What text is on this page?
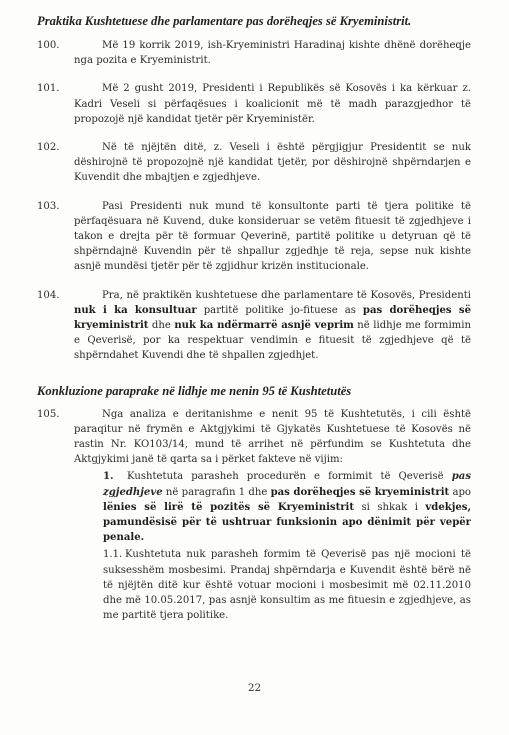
Praktika Kushtetuese dhe parlamentare pas dorëheqjes së Kryeministrit.
100.	Më 19 korrik 2019, ish-Kryeministri Haradinaj kishte dhënë dorëheqje nga pozita e Kryeministrit.
101.	Më 2 gusht 2019, Presidenti i Republikës së Kosovës i ka kërkuar z. Kadri Veseli si përfaqësues i koalicionit më të madh parazgjedhor të propozojë një kandidat tjetër për Kryeministër.
102.	Në të njëjtën ditë, z. Veseli i është përgjigjur Presidentit se nuk dëshirojnë të propozojnë një kandidat tjetër, por dëshirojnë shpërndarjen e Kuvendit dhe mbajtjen e zgjedhjeve.
103.	Pasi Presidenti nuk mund të konsultonte parti të tjera politike të përfaqësuara në Kuvend, duke konsideruar se vetëm fituesit të zgjedhjeve i takon e drejta për të formuar Qeverinë, partitë politike u detyruan që të shpërndajnë Kuvendin për të shpallur zgjedhje të reja, sepse nuk kishte asnjë mundësi tjetër për të zgjidhur krizën institucionale.
104.	Pra, në praktikën kushtetuese dhe parlamentare të Kosovës, Presidenti nuk i ka konsultuar partitë politike jo-fituese as pas dorëheqjes së kryeministrit dhe nuk ka ndërmarrë asnjë veprim në lidhje me formimin e Qeverisë, por ka respektuar vendimin e fituesit të zgjedhjeve që të shpërndahet Kuvendi dhe të shpallen zgjedhjet.
Konkluzione paraprake në lidhje me nenin 95 të Kushtetutës
105.	Nga analiza e deritanishme e nenit 95 të Kushtetutës, i cili është paraqitur në frymën e Aktgjykimi të Gjykatës Kushtetuese të Kosovës në rastin Nr. KO103/14, mund të arrihet në përfundim se Kushtetuta dhe Aktgjykimi janë të qarta sa i përket fakteve në vijim:
1. Kushtetuta parasheh procedurën e formimit të Qeverisë pas zgjedhjeve në paragrafin 1 dhe pas dorëheqjes së kryeministrit apo lënies së lirë të pozitës së Kryeministrit si shkak i vdekjes, pamundësisë për të ushtruar funksionin apo dënimit për vepër penale.
1.1. Kushtetuta nuk parasheh formim të Qeverisë pas një mocioni të suksesshëm mosbesimi. Prandaj shpërndarja e Kuvendit është bërë në të njëjtën ditë kur është votuar mocioni i mosbesimit më 02.11.2010 dhe më 10.05.2017, pas asnjë konsultim as me fituesin e zgjedhjeve, as me partitë tjera politike.
22
